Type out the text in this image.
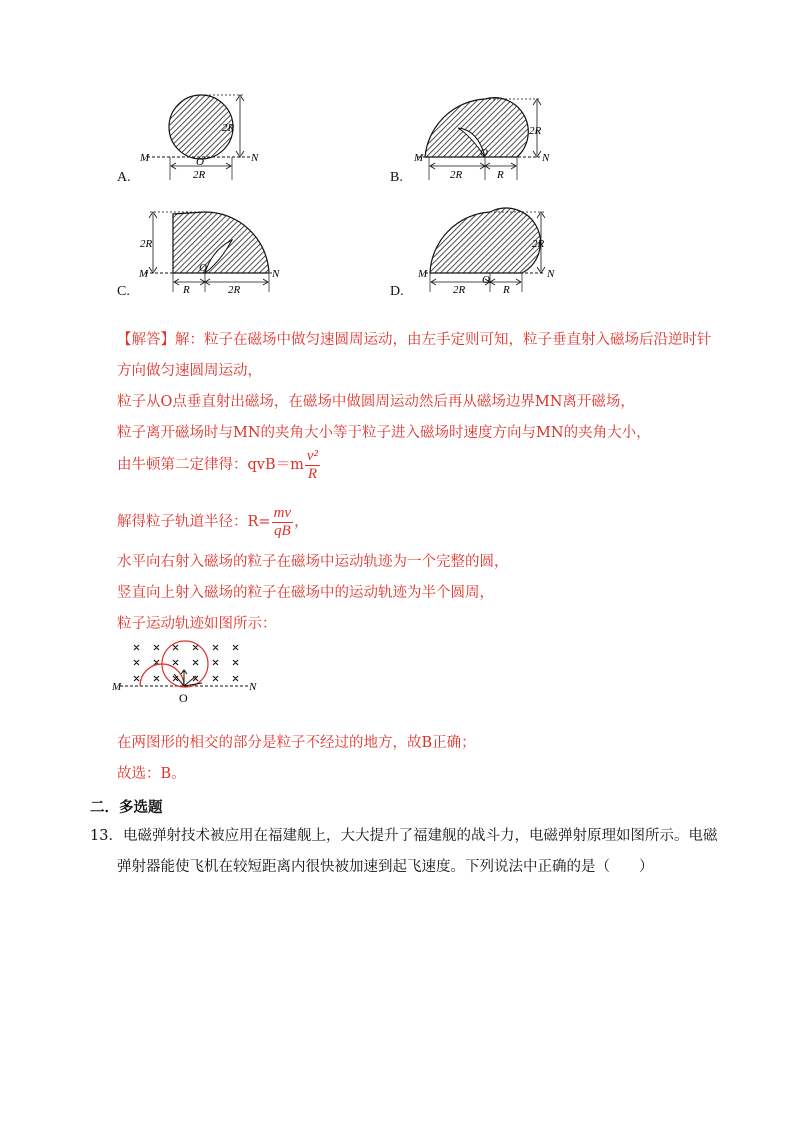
M	N
O
2R
2R
M	N
O
2R
2R	R
M	N
O
2R
R	2R
M	N
O
2R
2R	R
A.	B.
C.	D.
【解答】解：粒子在磁场中做匀速圆周运动，由左手定则可知，粒子垂直射入磁场后沿逆时针
方向做匀速圆周运动，
粒子从O点垂直射出磁场，在磁场中做圆周运动然后再从磁场边界MN离开磁场，
粒子离开磁场时与MN的夹角大小等于粒子进入磁场时速度方向与MN的夹角大小，
由牛顿第二定律得：$qvB=m \frac{\text{v²}}{R}$
解得粒子轨道半径：$R= \frac{mv}{qB}$ ，
水平向右射入磁场的粒子在磁场中运动轨迹为一个完整的圆，
竖直向上射入磁场的粒子在磁场中的运动轨迹为半个圆周，
粒子运动轨迹如图所示：
M	N
O
在两图形的相交的部分是粒子不经过的地方，故B正确；
故选：B。
二．多选题
13．电磁弹射技术被应用在福建舰上，大大提升了福建舰的战斗力，电磁弹射原理如图所示。电磁
弹射器能使飞机在较短距离内很快被加速到起飞速度。下列说法中正确的是（　　）
